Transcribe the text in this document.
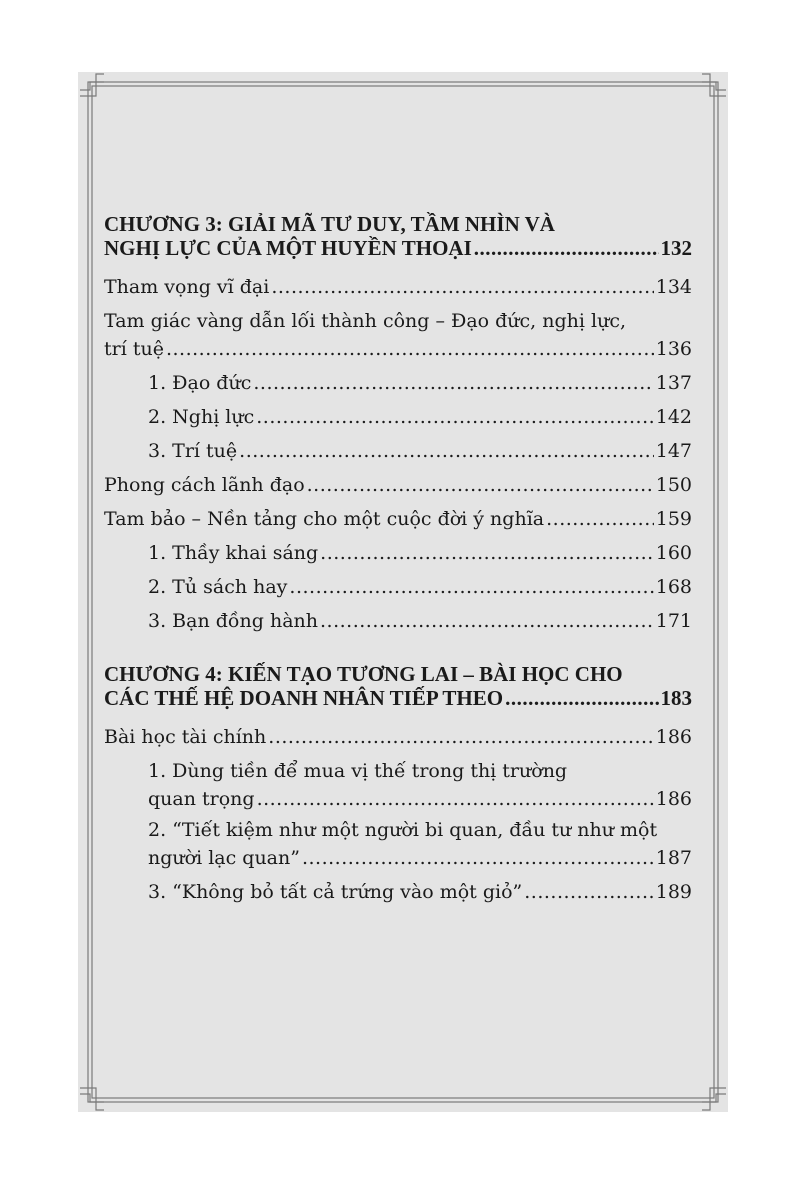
CHƯƠNG 3: GIẢI MÃ TƯ DUY, TẦM NHÌN VÀ
NGHỊ LỰC CỦA MỘT HUYỀN THOẠI .....	132
Tham vọng vĩ đại .....	134
Tam giác vàng dẫn lối thành công – Đạo đức, nghị lực,
trí tuệ .....	136
1. Đạo đức .....	137
2. Nghị lực .....	142
3. Trí tuệ .....	147
Phong cách lãnh đạo .....	150
Tam bảo – Nền tảng cho một cuộc đời ý nghĩa .....	159
1. Thầy khai sáng .....	160
2. Tủ sách hay .....	168
3. Bạn đồng hành .....	171
CHƯƠNG 4: KIẾN TẠO TƯƠNG LAI – BÀI HỌC CHO
CÁC THẾ HỆ DOANH NHÂN TIẾP THEO .....	183
Bài học tài chính .....	186
1. Dùng tiền để mua vị thế trong thị trường
quan trọng .....	186
2. “Tiết kiệm như một người bi quan, đầu tư như một
người lạc quan” .....	187
3. “Không bỏ tất cả trứng vào một giỏ” .....	189
